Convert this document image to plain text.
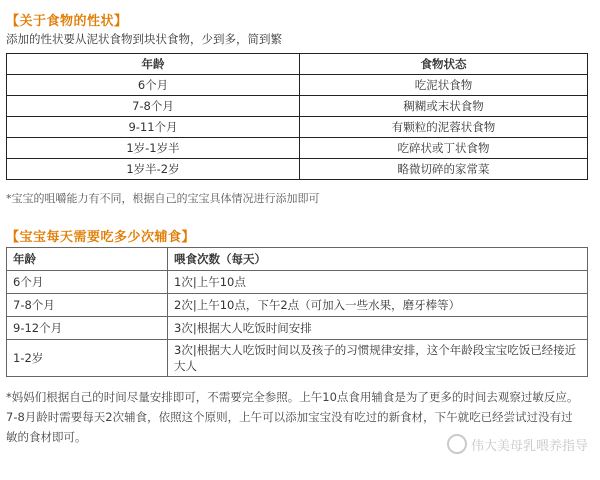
【关于食物的性状】
添加的性状要从泥状食物到块状食物，少到多，简到繁
年龄	食物状态
6个月	吃泥状食物
7-8个月	稠糊或末状食物
9-11个月	有颗粒的泥蓉状食物
1岁-1岁半	吃碎状或丁状食物
1岁半-2岁	略微切碎的家常菜
*宝宝的咀嚼能力有不同，根据自己的宝宝具体情况进行添加即可
【宝宝每天需要吃多少次辅食】
年龄	喂食次数（每天）
6个月	1次|上午10点
7-8个月	2次|上午10点，下午2点（可加入一些水果，磨牙棒等）
9-12个月	3次|根据大人吃饭时间安排
1-2岁	3次|根据大人吃饭时间以及孩子的习惯规律安排，这个年龄段宝宝吃饭已经接近大人
*妈妈们根据自己的时间尽量安排即可，不需要完全参照。上午10点食用辅食是为了更多的时间去观察过敏反应。7-8月龄时需要每天2次辅食，依照这个原则，上午可以添加宝宝没有吃过的新食材，下午就吃已经尝试过没有过敏的食材即可。
伟大美母乳喂养指导
